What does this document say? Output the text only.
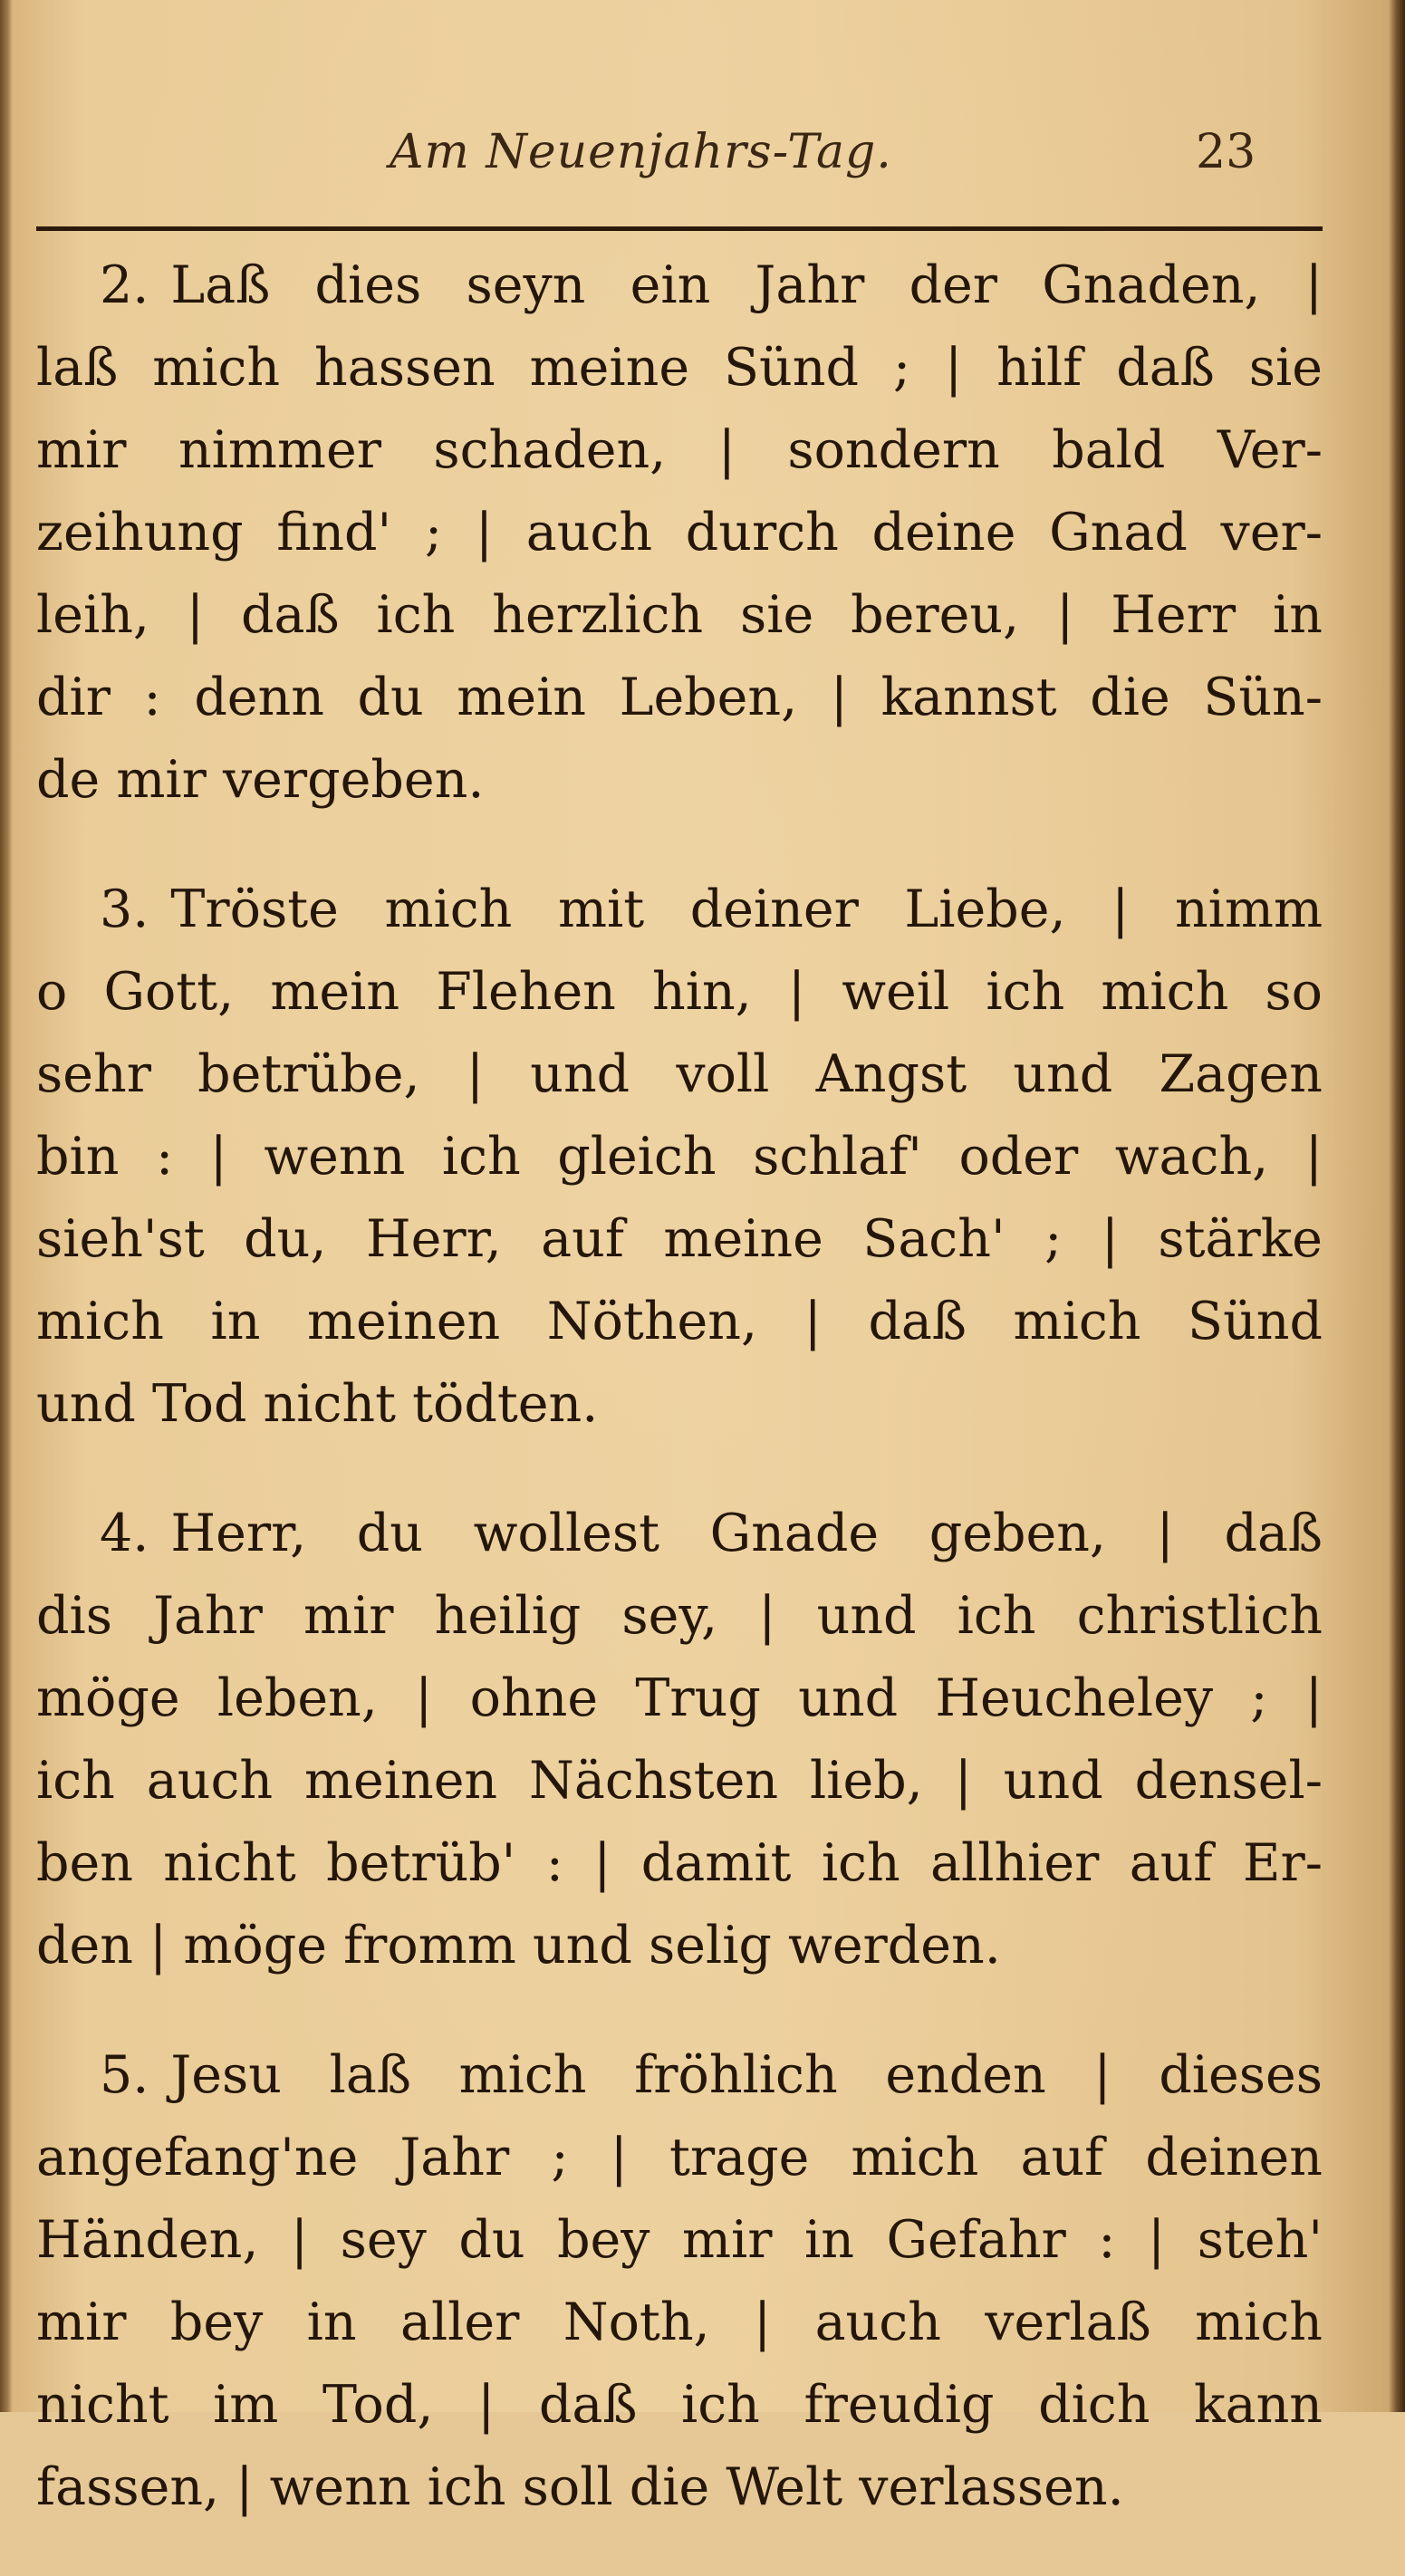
Am Neuenjahrs-Tag.	23
2. Laß dies seyn ein Jahr der Gnaden, |
laß mich hassen meine Sünd ; | hilf daß sie
mir nimmer schaden, | sondern bald Ver-
zeihung find' ; | auch durch deine Gnad ver-
leih, | daß ich herzlich sie bereu, | Herr in
dir : denn du mein Leben, | kannst die Sün-
de mir vergeben.
3. Tröste mich mit deiner Liebe, | nimm
o Gott, mein Flehen hin, | weil ich mich so
sehr betrübe, | und voll Angst und Zagen
bin : | wenn ich gleich schlaf' oder wach, |
sieh'st du, Herr, auf meine Sach' ; | stärke
mich in meinen Nöthen, | daß mich Sünd
und Tod nicht tödten.
4. Herr, du wollest Gnade geben, | daß
dis Jahr mir heilig sey, | und ich christlich
möge leben, | ohne Trug und Heucheley ; |
ich auch meinen Nächsten lieb, | und densel-
ben nicht betrüb' : | damit ich allhier auf Er-
den | möge fromm und selig werden.
5. Jesu laß mich fröhlich enden | dieses
angefang'ne Jahr ; | trage mich auf deinen
Händen, | sey du bey mir in Gefahr : | steh'
mir bey in aller Noth, | auch verlaß mich
nicht im Tod, | daß ich freudig dich kann
fassen, | wenn ich soll die Welt verlassen.
